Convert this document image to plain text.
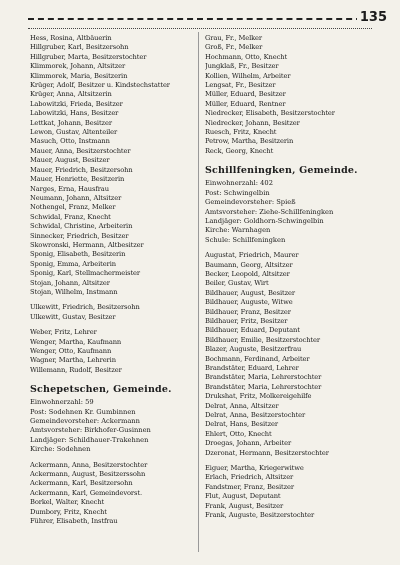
135
Hess, Rosina, Altbäuerin
Hillgruber, Karl, Besitzersohn
Hillgruber, Marta, Besitzerstochter
Klimmorek, Johann, Altsitzer
Klimmorek, Maria, Besitzerin
Krüger, Adolf, Besitzer u. Kindstechstatter
Krüger, Anna, Altsitzerin
Labowitzki, Frieda, Besitzer
Labowitzki, Hans, Besitzer
Lettkat, Johann, Besitzer
Lewon, Gustav, Altenteiler
Masuch, Otto, Instmann
Mauer, Anna, Besitzerstochter
Mauer, August, Besitzer
Mauer, Friedrich, Besitzersohn
Mauer, Henriette, Besitzerin
Narges, Erna, Hausfrau
Neumann, Johann, Altsitzer
Nothengel, Franz, Melker
Schwidal, Franz, Knecht
Schwidal, Christine, Arbeiterin
Sinnecker, Friedrich, Besitzer
Skowronski, Hermann, Altbesitzer
Sponig, Elisabeth, Besitzerin
Sponig, Emma, Arbeiterin
Sponig, Karl, Stellmachermeister
Stojan, Johann, Altsitzer
Stojan, Wilhelm, Instmann
Ulkewitt, Friedrich, Besitzersohn
Ulkewitt, Gustav, Besitzer
Weber, Fritz, Lehrer
Wenger, Martha, Kaufmann
Wenger, Otto, Kaufmann
Wagner, Martha, Lehrerin
Willemann, Rudolf, Besitzer
Schepetschen, Gemeinde.
Einwohnerzahl: 59
Post: Sodehnen Kr. Gumbinnen
Gemeindevorsteher: Ackermann
Amtsvorsteher: Birkhofer-Gusinnen
Landjäger: Schildhauer-Trakehnen
Kirche: Sodehnen
Ackermann, Anna, Besitzerstochter
Ackermann, August, Besitzerssohn
Ackermann, Karl, Besitzersohn
Ackermann, Karl, Gemeindevorst.
Borkel, Walter, Knecht
Dumbory, Fritz, Knecht
Führer, Elisabeth, Instfrau
Grau, Fr., Melker
Groß, Fr., Melker
Hochmann, Otto, Knecht
Jungklaß, Fr., Besitzer
Kollien, Wilhelm, Arbeiter
Lengsat, Fr., Besitzer
Müller, Eduard, Besitzer
Müller, Eduard, Rentner
Niedrecker, Elisabeth, Besitzerstochter
Niedrecker, Johann, Besitzer
Ruesch, Fritz, Knecht
Petrow, Martha, Besitzerin
Reck, Georg, Knecht
Schillfeningken, Gemeinde.
Einwohnerzahl: 402
Post: Schwingelbin
Gemeindevorsteher: Spieß
Amtsvorsteher: Ziehe-Schillfeningken
Landjäger: Goldhorn-Schwingelbin
Kirche: Warnhagen
Schule: Schillfeningken
Augustat, Friedrich, Maurer
Baumann, Georg, Altsitzer
Becker, Leopold, Altsitzer
Beiler, Gustav, Wirt
Bildhauer, August, Besitzer
Bildhauer, Auguste, Witwe
Bildhauer, Franz, Besitzer
Bildhauer, Fritz, Besitzer
Bildhauer, Eduard, Deputant
Bildhauer, Emilie, Besitzerstochter
Blazer, Auguste, Besitzerfrau
Bochmann, Ferdinand, Arbeiter
Brandstäter, Eduard, Lehrer
Brandstäter, Maria, Lehrerstochter
Brandstäter, Maria, Lehrerstochter
Drukshat, Fritz, Molkereigehilfe
Delrat, Anna, Altsitzer
Delrat, Anna, Besitzerstochter
Delrat, Hans, Besitzer
Ehlert, Otto, Knecht
Droegas, Johann, Arbeiter
Dzeronat, Hermann, Besitzerstochter
Eiguer, Martha, Kriegerwitwe
Erlach, Friedrich, Altsitzer
Fandstmer, Franz, Besitzer
Flut, August, Deputant
Frank, August, Besitzer
Frank, Auguste, Besitzerstochter
